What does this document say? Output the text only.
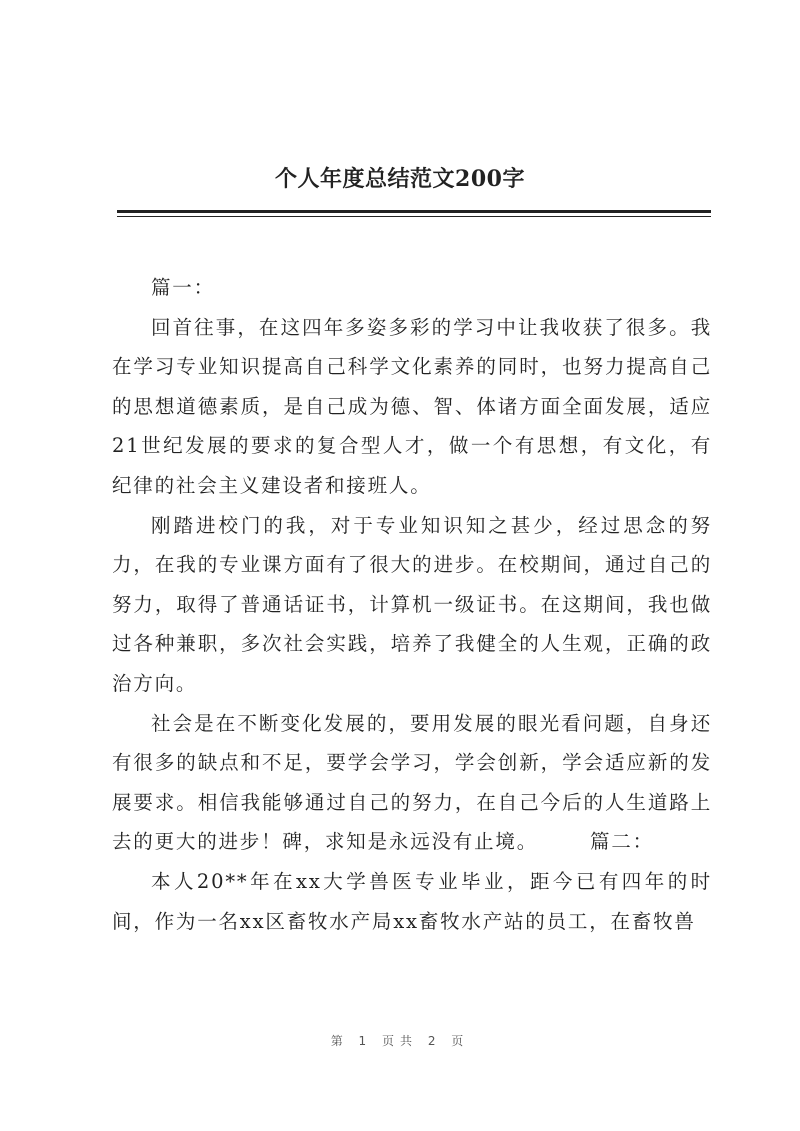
个人年度总结范文200字

篇一：

回首往事，在这四年多姿多彩的学习中让我收获了很多。我在学习专业知识提高自己科学文化素养的同时，也努力提高自己的思想道德素质，是自己成为德、智、体诸方面全面发展，适应21世纪发展的要求的复合型人才，做一个有思想，有文化，有纪律的社会主义建设者和接班人。

刚踏进校门的我，对于专业知识知之甚少，经过思念的努力，在我的专业课方面有了很大的进步。在校期间，通过自己的努力，取得了普通话证书，计算机一级证书。在这期间，我也做过各种兼职，多次社会实践，培养了我健全的人生观，正确的政治方向。

社会是在不断变化发展的，要用发展的眼光看问题，自身还有很多的缺点和不足，要学会学习，学会创新，学会适应新的发展要求。相信我能够通过自己的努力，在自己今后的人生道路上去的更大的进步！碑，求知是永远没有止境。	篇二：

本人20**年在xx大学兽医专业毕业，距今已有四年的时间，作为一名xx区畜牧水产局xx畜牧水产站的员工，在畜牧兽

第 1 页共 2 页
